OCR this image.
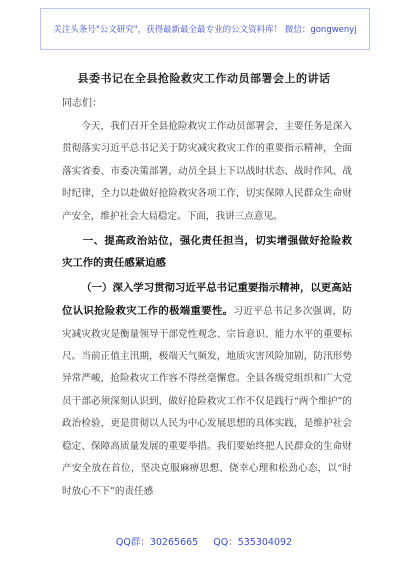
关注头条号"公文研究"，获得最新最全最专业的公文资料库！ 微信：gongwenyj
县委书记在全县抢险救灾工作动员部署会上的讲话
同志们：

今天，我们召开全县抢险救灾工作动员部署会，主要任务是深入贯彻落实习近平总书记关于防灾减灾救灾工作的重要指示精神，全面落实省委、市委决策部署，动员全县上下以战时状态、战时作风、战时纪律，全力以赴做好抢险救灾各项工作，切实保障人民群众生命财产安全，维护社会大局稳定。下面，我讲三点意见。

一、提高政治站位，强化责任担当，切实增强做好抢险救灾工作的责任感紧迫感

（一）深入学习贯彻习近平总书记重要指示精神，以更高站位认识抢险救灾工作的极端重要性。习近平总书记多次强调，防灾减灾救灾是衡量领导干部党性观念、宗旨意识、能力水平的重要标尺。当前正值主汛期，极端天气频发，地质灾害风险加剧，防汛形势异常严峻，抢险救灾工作容不得丝毫懈怠。全县各级党组织和广大党员干部必须深刻认识到，做好抢险救灾工作不仅是践行“两个维护”的政治检验，更是贯彻以人民为中心发展思想的具体实践，是维护社会稳定、保障高质量发展的重要举措。我们要始终把人民群众的生命财产安全放在首位，坚决克服麻痹思想、侥幸心理和松劲心态，以“时时放心不下”的责任感

QQ群：30265665 QQ：535304092
